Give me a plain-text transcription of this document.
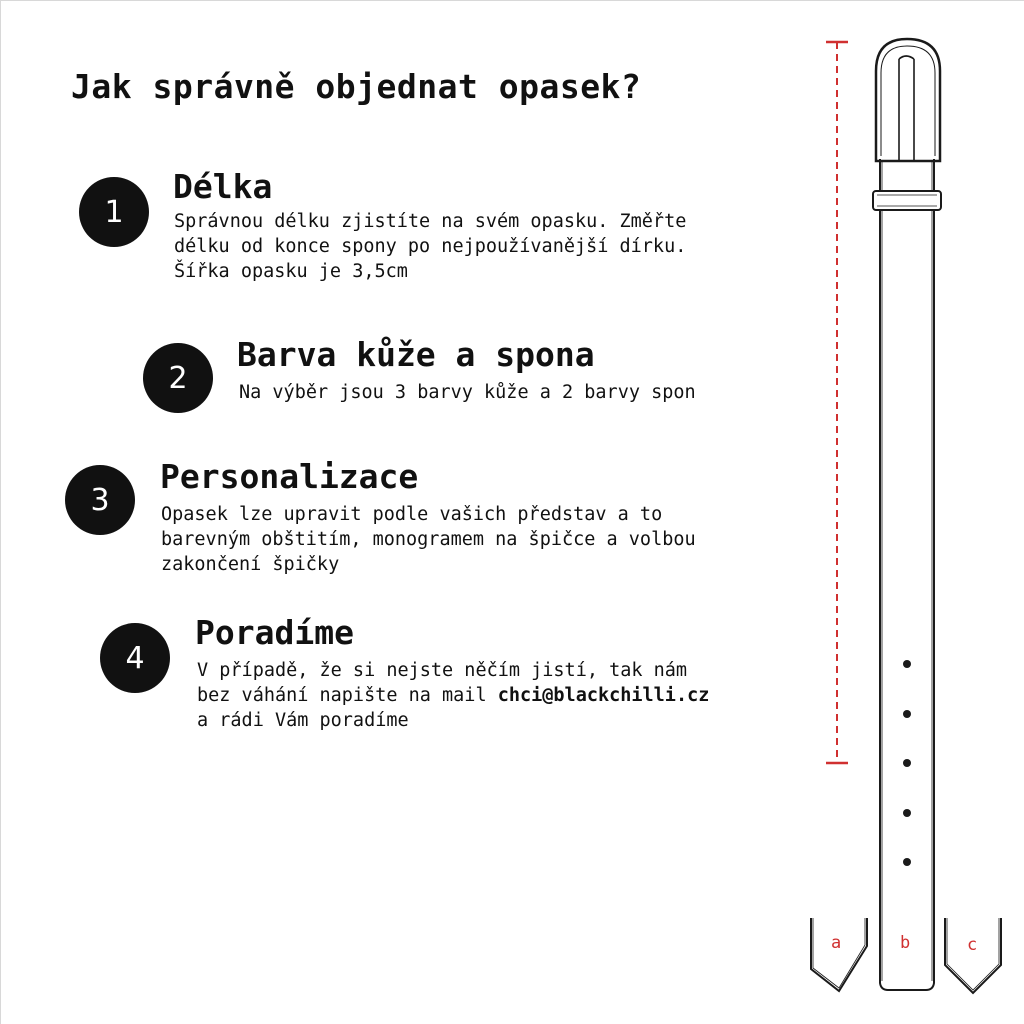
Jak správně objednat opasek?
1
Délka
Správnou délku zjistíte na svém opasku. Změřte
délku od konce spony po nejpoužívanější dírku.
Šířka opasku je 3,5cm
2
Barva kůže a spona
Na výběr jsou 3 barvy kůže a 2 barvy spon
3
Personalizace
Opasek lze upravit podle vašich představ a to
barevným obštitím, monogramem na špičce a volbou
zakončení špičky
4
Poradíme
V případě, že si nejste něčím jistí, tak nám
bez váhání napište na mail chci@blackchilli.cz
a rádi Vám poradíme
a	b	c
